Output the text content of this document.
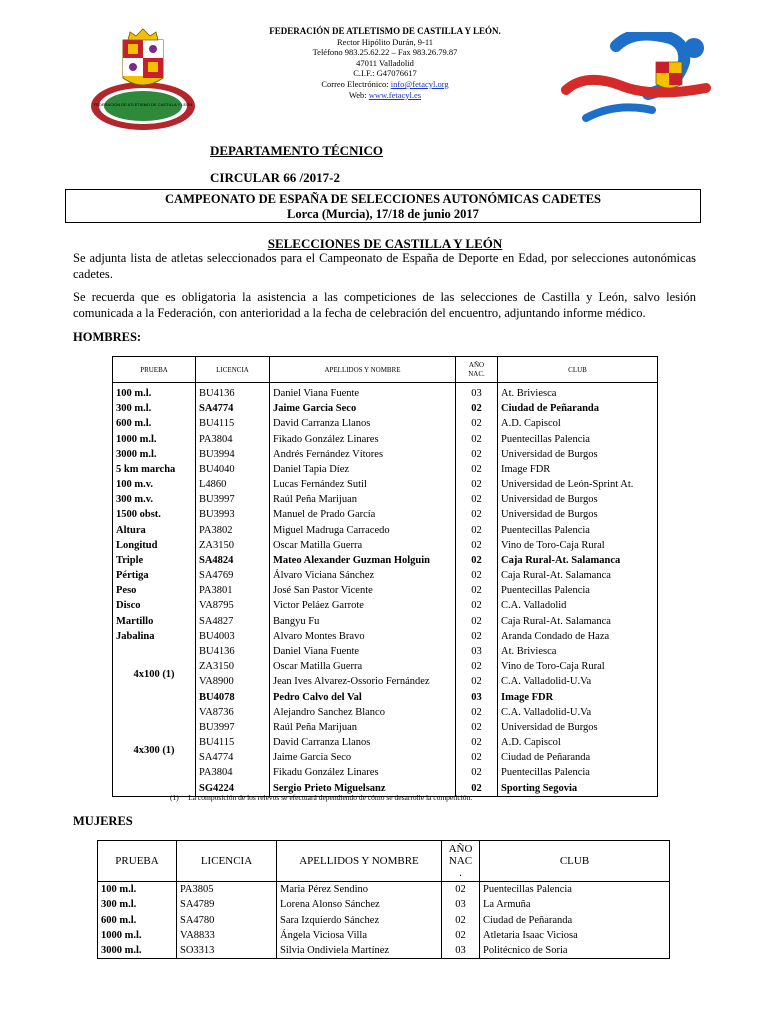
FEDERACION DE ATLETISMO DE CASTILLA Y LEON
FEDERACIÓN DE ATLETISMO DE CASTILLA Y LEÓN.
Rector Hipólito Durán, 9-11
Teléfono 983.25.62.22 – Fax 983.26.79.87
47011 Valladolid
C.I.F.: G47076617
Correo Electrónico: info@fetacyl.org
Web: www.fetacyl.es
DEPARTAMENTO TÉCNICO
CIRCULAR 66 /2017-2
CAMPEONATO DE ESPAÑA DE SELECCIONES AUTONÓMICAS CADETES
Lorca (Murcia), 17/18 de junio 2017
SELECCIONES DE CASTILLA Y LEÓN
Se adjunta lista de atletas seleccionados para el Campeonato de España de Deporte en Edad, por selecciones autonómicas cadetes.
Se recuerda que es obligatoria la asistencia a las competiciones de las selecciones de Castilla y León, salvo lesión comunicada a la Federación, con anterioridad a la fecha de celebración del encuentro, adjuntando informe médico.
HOMBRES:
PRUEBA	LICENCIA	APELLIDOS Y NOMBRE	AÑO
NAC.	CLUB
100 m.l.	BU4136	Daniel Viana Fuente	03	At. Briviesca
300 m.l.	SA4774	Jaime Garcia Seco	02	Ciudad de Peñaranda
600 m.l.	BU4115	David Carranza Llanos	02	A.D. Capiscol
1000 m.l.	PA3804	Fikado González Linares	02	Puentecillas Palencia
3000 m.l.	BU3994	Andrés Fernández Vítores	02	Universidad de Burgos
5 km marcha	BU4040	Daniel Tapia Díez	02	Image FDR
100 m.v.	L4860	Lucas Fernández Sutil	02	Universidad de León-Sprint At.
300 m.v.	BU3997	Raúl Peña Marijuan	02	Universidad de Burgos
1500 obst.	BU3993	Manuel de Prado García	02	Universidad de Burgos
Altura	PA3802	Miguel Madruga Carracedo	02	Puentecillas Palencia
Longitud	ZA3150	Oscar Matilla Guerra	02	Vino de Toro-Caja Rural
Triple	SA4824	Mateo Alexander Guzman Holguin	02	Caja Rural-At. Salamanca
Pértiga	SA4769	Álvaro Viciana Sánchez	02	Caja Rural-At. Salamanca
Peso	PA3801	José San Pastor Vicente	02	Puentecillas Palencia
Disco	VA8795	Victor Peláez Garrote	02	C.A. Valladolid
Martillo	SA4827	Bangyu Fu	02	Caja Rural-At. Salamanca
Jabalina	BU4003	Alvaro Montes Bravo	02	Aranda Condado de Haza
4x100 (1)	BU4136	Daniel Viana Fuente	03	At. Briviesca
	ZA3150	Oscar Matilla Guerra	02	Vino de Toro-Caja Rural
	VA8900	Jean Ives Alvarez-Ossorio Fernández	02	C.A. Valladolid-U.Va
	BU4078	Pedro Calvo del Val	03	Image FDR
4x300 (1)	VA8736	Alejandro Sanchez Blanco	02	C.A. Valladolid-U.Va
	BU3997	Raúl Peña Marijuan	02	Universidad de Burgos
	BU4115	David Carranza Llanos	02	A.D. Capiscol
	SA4774	Jaime Garcia Seco	02	Ciudad de Peñaranda
	PA3804	Fikadu González Linares	02	Puentecillas Palencia
	SG4224	Sergio Prieto Miguelsanz	02	Sporting Segovia
(1) La composición de los relevos se efectuará dependiendo de cómo se desarrolle la competición.
MUJERES
PRUEBA	LICENCIA	APELLIDOS Y NOMBRE	AÑO
NAC
.	CLUB
100 m.l.	PA3805	Maria Pérez Sendino	02	Puentecillas Palencia
300 m.l.	SA4789	Lorena Alonso Sánchez	03	La Armuña
600 m.l.	SA4780	Sara Izquierdo Sánchez	02	Ciudad de Peñaranda
1000 m.l.	VA8833	Ángela Viciosa Villa	02	Atletaria Isaac Viciosa
3000 m.l.	SO3313	Silvia Ondiviela Martínez	03	Politécnico de Soria
